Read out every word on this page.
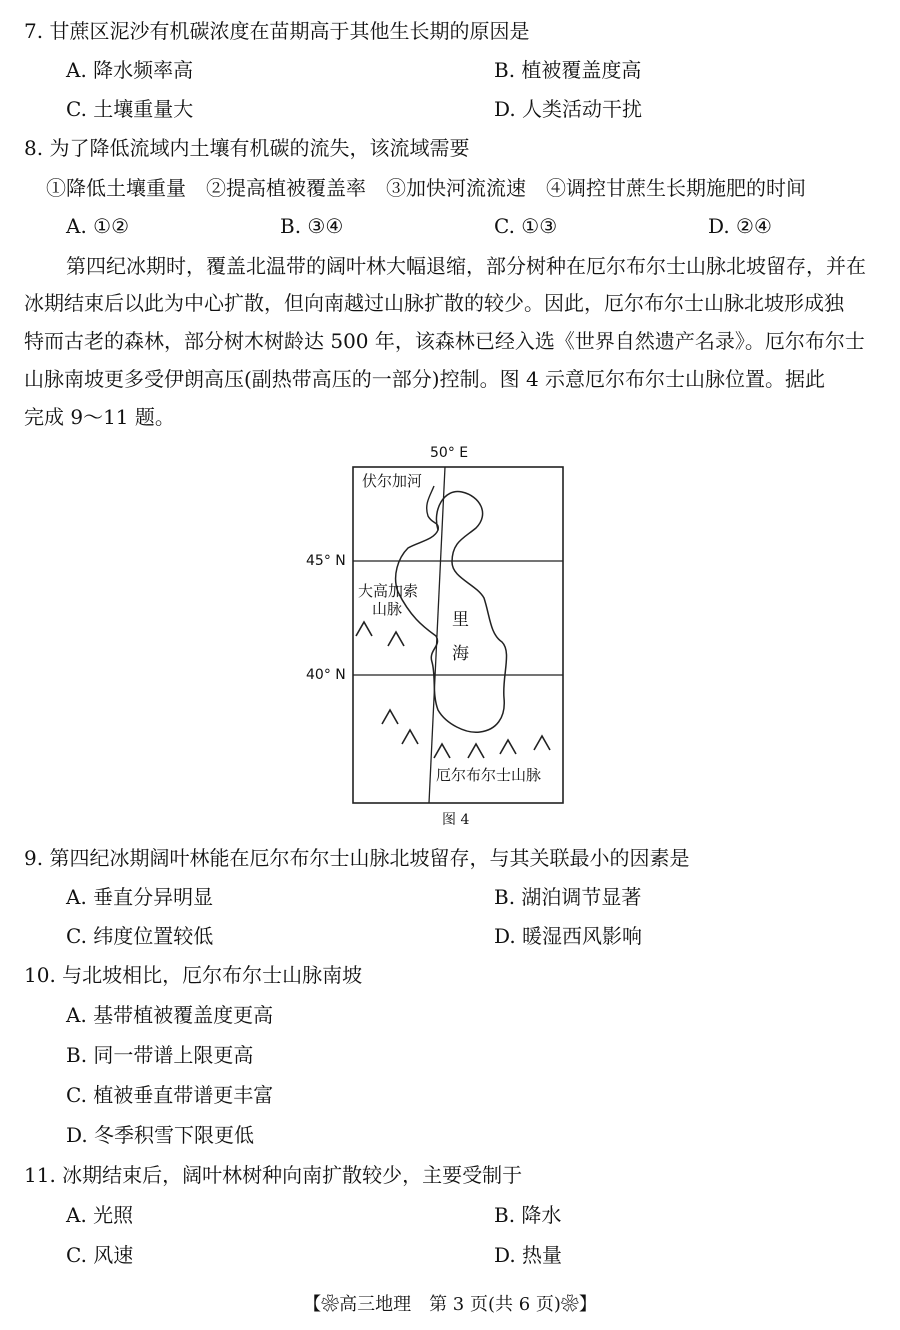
7. 甘蔗区泥沙有机碳浓度在苗期高于其他生长期的原因是
A. 降水频率高	B. 植被覆盖度高
C. 土壤重量大	D. 人类活动干扰
8. 为了降低流域内土壤有机碳的流失，该流域需要
①降低土壤重量　②提高植被覆盖率　③加快河流流速　④调控甘蔗生长期施肥的时间
A. ①②	B. ③④	C. ①③	D. ②④
第四纪冰期时，覆盖北温带的阔叶林大幅退缩，部分树种在厄尔布尔士山脉北坡留存，并在
冰期结束后以此为中心扩散，但向南越过山脉扩散的较少。因此，厄尔布尔士山脉北坡形成独
特而古老的森林，部分树木树龄达 500 年，该森林已经入选《世界自然遗产名录》。厄尔布尔士
山脉南坡更多受伊朗高压(副热带高压的一部分)控制。图 4 示意厄尔布尔士山脉位置。据此
完成 9～11 题。
50° E
45° N
40° N
伏尔加河
大高加索
山脉
里
海
厄尔布尔士山脉
图 4
9. 第四纪冰期阔叶林能在厄尔布尔士山脉北坡留存，与其关联最小的因素是
A. 垂直分异明显	B. 湖泊调节显著
C. 纬度位置较低	D. 暖湿西风影响
10. 与北坡相比，厄尔布尔士山脉南坡
A. 基带植被覆盖度更高
B. 同一带谱上限更高
C. 植被垂直带谱更丰富
D. 冬季积雪下限更低
11. 冰期结束后，阔叶林树种向南扩散较少，主要受制于
A. 光照	B. 降水
C. 风速	D. 热量
【❀高三地理　第 3 页(共 6 页)❀】
